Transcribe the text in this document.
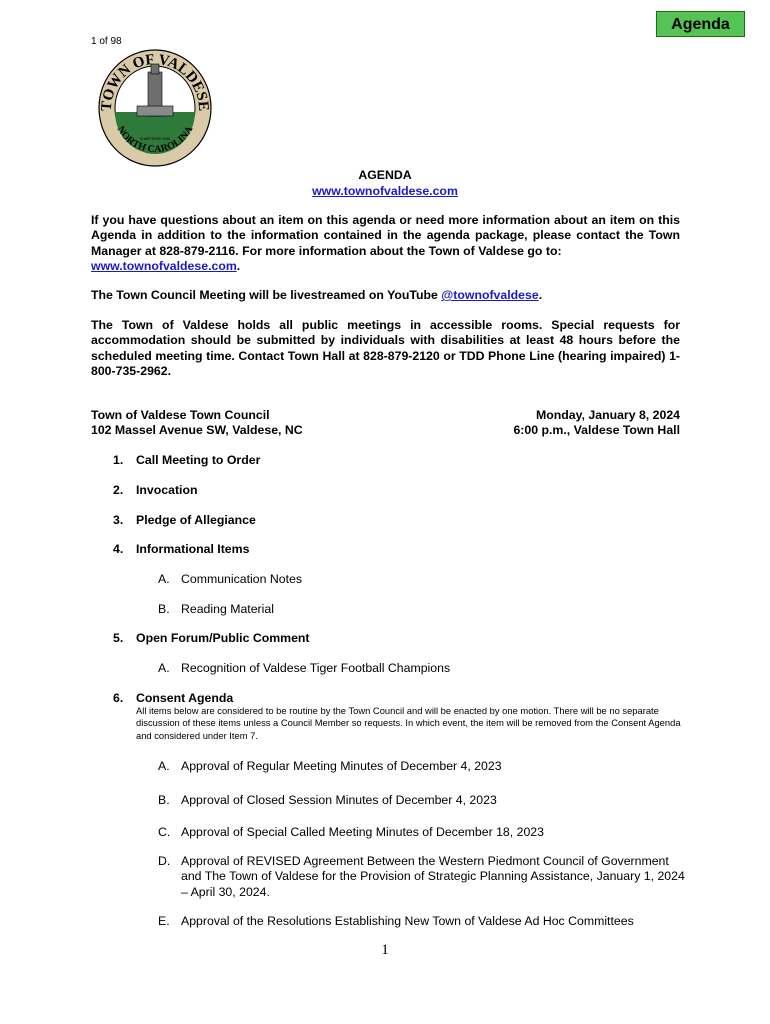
Agenda
1 of 98
TOWN OF VALDESE
NORTH CAROLINA
CHARTERED 1920
AGENDA
www.townofvaldese.com
If you have questions about an item on this agenda or need more information about an item on this Agenda in addition to the information contained in the agenda package, please contact the Town Manager at 828-879-2116. For more information about the Town of Valdese go to:
www.townofvaldese.com.
The Town Council Meeting will be livestreamed on YouTube @townofvaldese.
The Town of Valdese holds all public meetings in accessible rooms. Special requests for accommodation should be submitted by individuals with disabilities at least 48 hours before the scheduled meeting time. Contact Town Hall at 828-879-2120 or TDD Phone Line (hearing impaired) 1-800-735-2962.
Town of Valdese Town Council
102 Massel Avenue SW, Valdese, NC
Monday, January 8, 2024
6:00 p.m., Valdese Town Hall
1. Call Meeting to Order
2. Invocation
3. Pledge of Allegiance
4. Informational Items
A. Communication Notes
B. Reading Material
5. Open Forum/Public Comment
A. Recognition of Valdese Tiger Football Champions
6. Consent Agenda
All items below are considered to be routine by the Town Council and will be enacted by one motion. There will be no separate discussion of these items unless a Council Member so requests. In which event, the item will be removed from the Consent Agenda and considered under Item 7.
A. Approval of Regular Meeting Minutes of December 4, 2023
B. Approval of Closed Session Minutes of December 4, 2023
C. Approval of Special Called Meeting Minutes of December 18, 2023
D. Approval of REVISED Agreement Between the Western Piedmont Council of Government and The Town of Valdese for the Provision of Strategic Planning Assistance, January 1, 2024 – April 30, 2024.
E. Approval of the Resolutions Establishing New Town of Valdese Ad Hoc Committees
1
